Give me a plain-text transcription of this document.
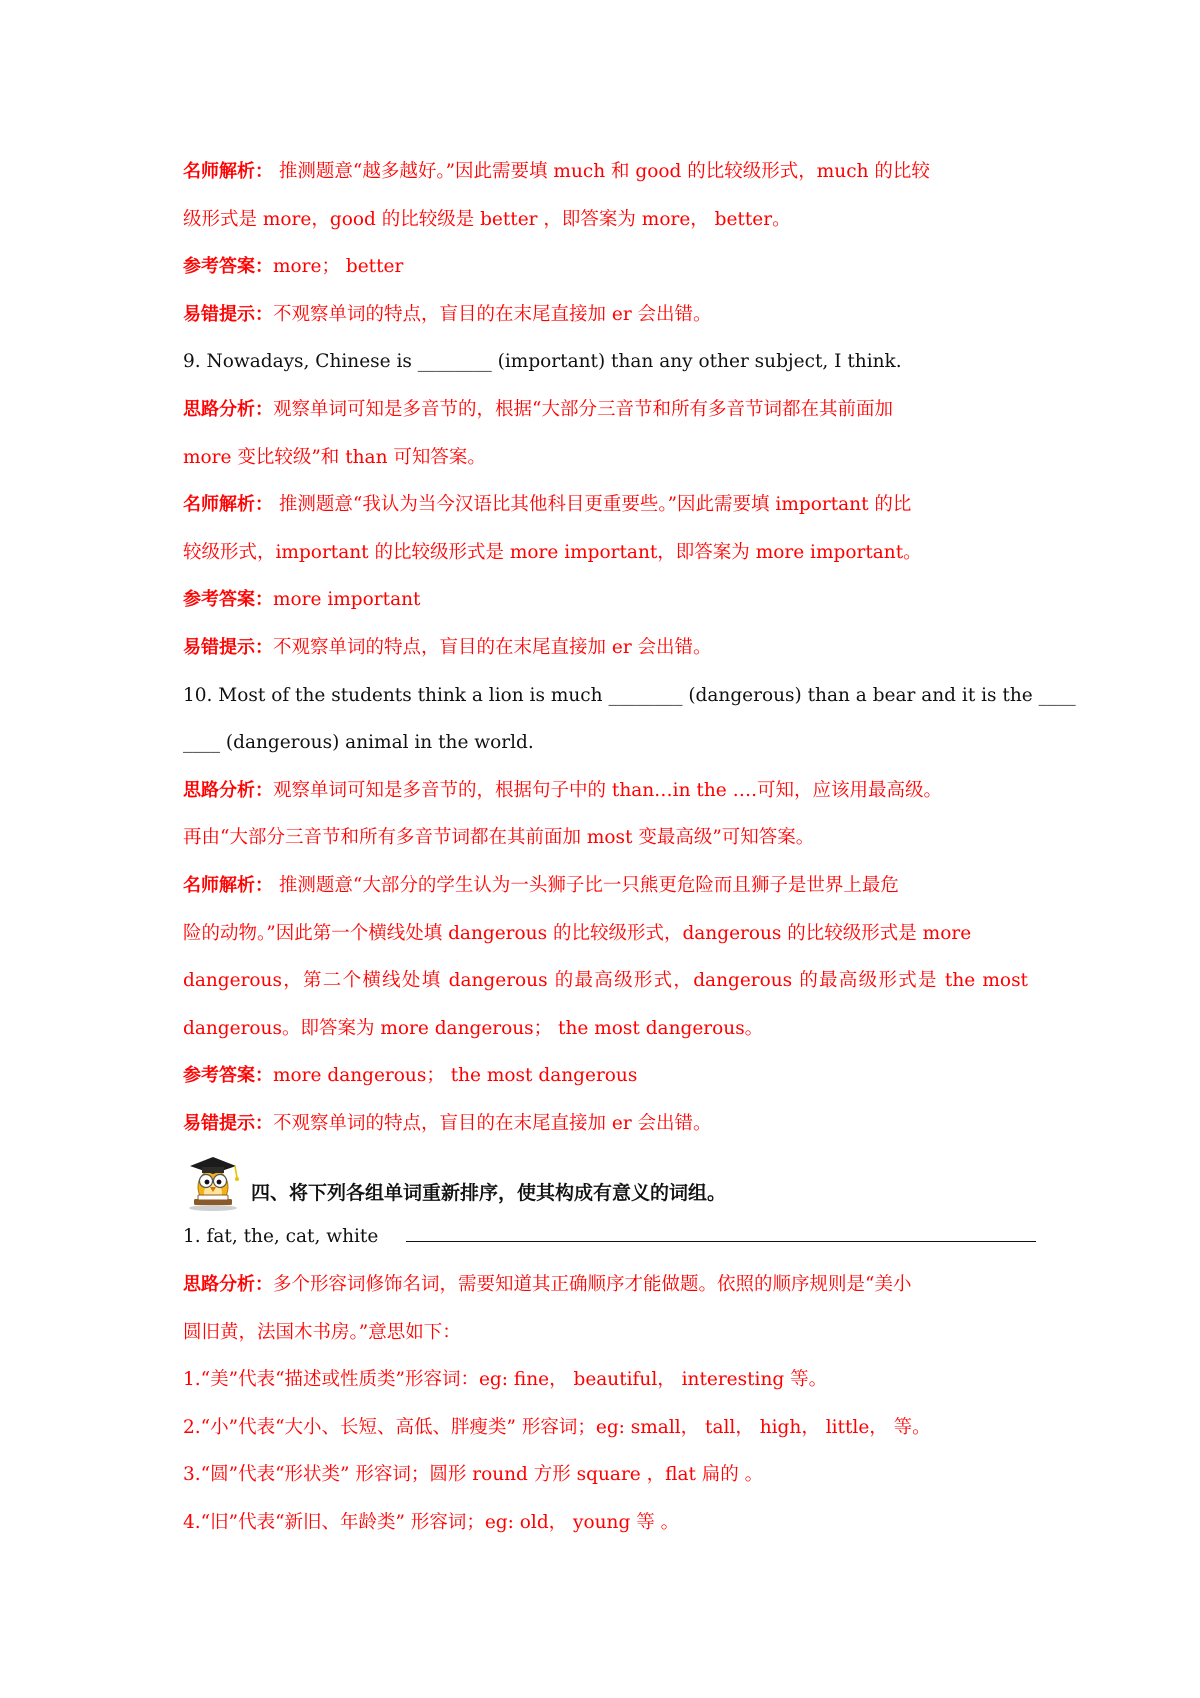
名师解析： 推测题意“越多越好。”因此需要填 much 和 good 的比较级形式，much 的比较
级形式是 more，good 的比较级是 better ，即答案为 more， better。
参考答案：more； better
易错提示：不观察单词的特点，盲目的在末尾直接加 er 会出错。
9. Nowadays, Chinese is ________ (important) than any other subject, I think.
思路分析：观察单词可知是多音节的，根据“大部分三音节和所有多音节词都在其前面加
more 变比较级”和 than 可知答案。
名师解析： 推测题意“我认为当今汉语比其他科目更重要些。”因此需要填 important 的比
较级形式，important 的比较级形式是 more important，即答案为 more important。
参考答案：more important
易错提示：不观察单词的特点，盲目的在末尾直接加 er 会出错。
10. Most of the students think a lion is much ________ (dangerous) than a bear and it is the ____
____ (dangerous) animal in the world.
思路分析：观察单词可知是多音节的，根据句子中的 than…in the ….可知，应该用最高级。
再由“大部分三音节和所有多音节词都在其前面加 most 变最高级”可知答案。
名师解析： 推测题意“大部分的学生认为一头狮子比一只熊更危险而且狮子是世界上最危
险的动物。”因此第一个横线处填 dangerous 的比较级形式，dangerous 的比较级形式是 more
dangerous，第二个横线处填 dangerous 的最高级形式，dangerous 的最高级形式是 the most
dangerous。即答案为 more dangerous； the most dangerous。
参考答案：more dangerous； the most dangerous
易错提示：不观察单词的特点，盲目的在末尾直接加 er 会出错。
四、将下列各组单词重新排序，使其构成有意义的词组。
1. fat, the, cat, white
思路分析：多个形容词修饰名词，需要知道其正确顺序才能做题。依照的顺序规则是“美小
圆旧黄，法国木书房。”意思如下：
1.“美”代表“描述或性质类”形容词：eg: fine， beautiful， interesting 等。
2.“小”代表“大小、长短、高低、胖瘦类” 形容词；eg: small， tall， high， little， 等。
3.“圆”代表“形状类” 形容词；圆形 round 方形 square ，flat 扁的 。
4.“旧”代表“新旧、年龄类” 形容词；eg: old， young 等 。
